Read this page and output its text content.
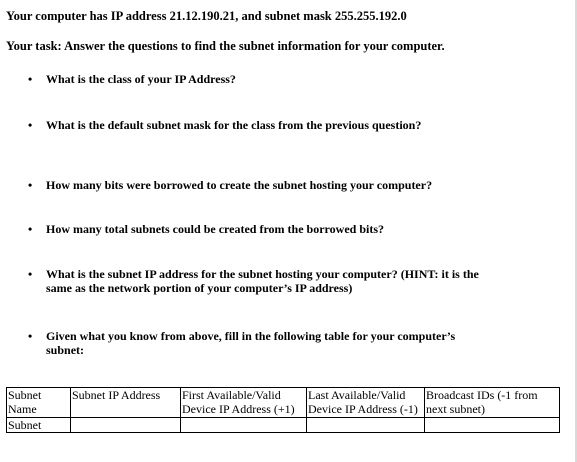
Your computer has IP address 21.12.190.21, and subnet mask 255.255.192.0
Your task: Answer the questions to find the subnet information for your computer.
•	What is the class of your IP Address?
•	What is the default subnet mask for the class from the previous question?
•	How many bits were borrowed to create the subnet hosting your computer?
•	How many total subnets could be created from the borrowed bits?
•	What is the subnet IP address for the subnet hosting your computer? (HINT: it is the same as the network portion of your computer’s IP address)
•	Given what you know from above, fill in the following table for your computer’s subnet:
Subnet Name	Subnet IP Address	First Available/Valid Device IP Address (+1)	Last Available/Valid Device IP Address (-1)	Broadcast IDs (-1 from next subnet)
Subnet				
